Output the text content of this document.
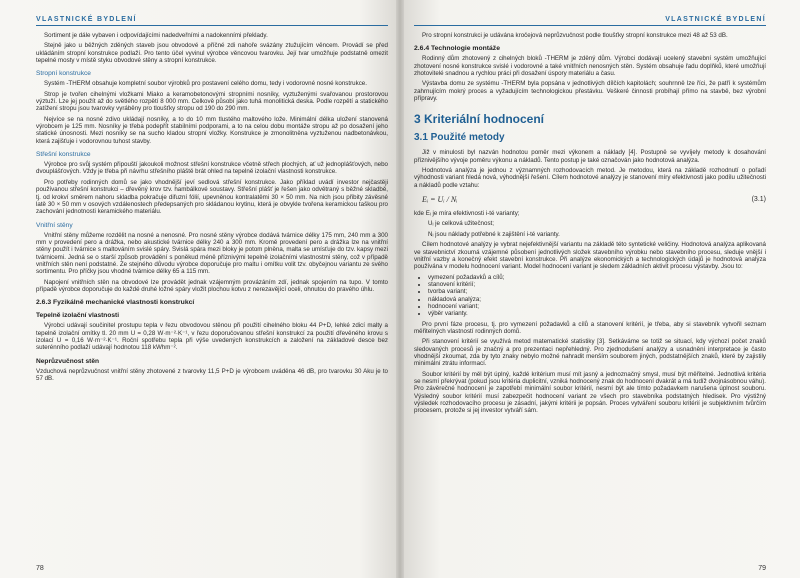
VLASTNICKÉ BYDLENÍ

Sortiment je dále vybaven i odpovídajícími nadedveřními a nadokenními překlady.

Stejně jako u běžných zděných staveb jsou obvodové a příčné zdi nahoře svázány ztužujícím věncem. Provádí se před ukládáním stropní konstrukce podlaží. Pro tento účel vyvinul výrobce věncovou tvarovku. Její tvar umožňuje podstatně omezit tepelné mosty v místě styku obvodové stěny a stropní konstrukce.

Stropní konstrukce

Systém -THERM obsahuje kompletní soubor výrobků pro postavení celého domu, tedy i vodorovné nosné konstrukce.

Strop je tvořen cihelnými vložkami Miako a keramobetonovými stropními nosníky, vyztuženými svařovanou prostorovou výztuží. Lze jej použít až do světlého rozpětí 8 000 mm. Celkově působí jako tuhá monolitická deska. Podle rozpětí a statického zatížení stropu jsou tvarovky vyráběny pro tloušťky stropu od 190 do 290 mm.

Nejvíce se na nosné zdivo ukládají nosníky, a to do 10 mm tlustého maltového lože. Minimální délka uložení stanovená výrobcem je 125 mm. Nosníky je třeba podepřít stabilními podporami, a to na celou dobu montáže stropu až po dosažení jeho statické únosnosti. Mezi nosníky se na sucho kladou stropní vložky. Konstrukce je zmonolitněna vyztuženou nadbetonávkou, která zajišťuje i vodorovnou tuhost stavby.

Střešní konstrukce

Výrobce pro svůj systém připouští jakoukoli možnost střešní konstrukce včetně střech plochých, ať už jednoplášťových, nebo dvouplášťových. Vždy je třeba při návrhu střešního pláště brát ohled na tepelně izolační vlastnosti konstrukce.

Pro potřeby rodinných domů se jako vhodnější jeví sedlová střešní konstrukce. Jako příklad uvádí investor nejčastěji používanou střešní konstrukci – dřevěný krov tzv. hambálkové soustavy. Střešní plášť je řešen jako odvětraný s běžné skladbě, tj. od krokví směrem nahoru skladba pokračuje difuzní fólií, upevněnou kontralatěmi 30 × 50 mm. Na nich jsou přibity závěsné latě 30 × 50 mm v osových vzdálenostech předepsaných pro skládanou krytinu, která je obvykle tvořena keramickou taškou pro zachování jednotnosti keramického materiálu.

Vnitřní stěny

Vnitřní stěny můžeme rozdělit na nosné a nenosné. Pro nosné stěny výrobce dodává tvárnice délky 175 mm, 240 mm a 300 mm v provedení pero a drážka, nebo akustické tvárnice délky 240 a 300 mm. Kromě provedení pero a drážka lze na vnitřní stěny použít i tvárnice s maltováním svislé spáry. Svislá spára mezi bloky je potom plněna, malta se umísťuje do tzv. kapsy mezi tvárnicemi. Jedná se o starší způsob provádění s poněkud méně příznivými tepelně izolačními vlastnostmi stěny, což v případě vnitřních stěn není podstatné. Ze stejného důvodu výrobce doporučuje pro maltu i omítku volit tzv. obyčejnou variantu ze svého sortimentu. Pro příčky jsou vhodné tvárnice délky 65 a 115 mm.

Napojení vnitřních stěn na obvodové lze provádět jednak vzájemným provázáním zdí, jednak spojením na tupo. V tomto případě výrobce doporučuje do každé druhé ložné spáry vložit plochou kotvu z nerezavějící oceli, ohnutou do pravého úhlu.

2.6.3 Fyzikálně mechanické vlastnosti konstrukcí
Tepelně izolační vlastnosti

Výrobci udávají součinitel prostupu tepla v řezu obvodovou stěnou při použití cihelného bloku 44 P+D, lehké zdicí malty a tepelně izolační omítky tl. 20 mm U = 0,28 W·m⁻²·K⁻¹, v řezu doporučovanou střešní konstrukcí za použití dřevěného krovu s izolací U = 0,16 W·m⁻²·K⁻¹. Roční spotřebu tepla při výše uvedených konstrukcích a založení na základové desce bez suterénního podlaží udávají hodnotou 118 kWhm⁻².

Neprůzvučnost stěn

Vzduchová neprůzvučnost vnitřní stěny zhotovené z tvarovky 11,5 P+D je výrobcem uváděna 46 dB, pro tvarovku 30 Aku je to 57 dB.

78
VLASTNICKÉ BYDLENÍ

Pro stropní konstrukci je udávána kročejová neprůzvučnost podle tloušťky stropní konstrukce mezi 48 až 53 dB.

2.6.4 Technologie montáže

Rodinný dům zhotovený z cihelných bloků -THERM je zděný dům. Výrobci dodávají ucelený stavební systém umožňující zhotovení nosné konstrukce svislé i vodorovné a také vnitřních nenosných stěn. Systém obsahuje řadu doplňků, které umožňují zhotovitelé snadnou a rychlou práci při dosažení úspory materiálu a času.

Výstavba domu ze systému -THERM byla popsána v jednotlivých dílčích kapitolách; souhrnně lze říci, že patří k systémům zahrnujícím mokrý proces a vyžadujícím technologickou přestávku. Veškeré činnosti probíhají přímo na stavbě, bez výrobní přípravy.

3 Kriteriální hodnocení
3.1 Použité metody

Již v minulosti byl nazván hodnotou poměr mezi výkonem a náklady [4]. Postupně se vyvíjely metody k dosahování příznivějšího vývoje poměru výkonu a nákladů. Tento postup je také označován jako hodnotová analýza.

Hodnotová analýza je jednou z významných rozhodovacích metod. Je metodou, která na základě rozhodnutí o pořadí výhodnosti variant hledá nová, výhodnější řešení. Cílem hodnotové analýzy je stanovení míry efektivnosti jako podílu užitečnosti a nákladů podle vztahu:

Eᵢ = Uᵢ / Nᵢ	(3.1)
kde Eᵢ je míra efektivnosti i-té varianty;
Uᵢ je celková užitečnost;
Nᵢ jsou náklady potřebné k zajištění i-té varianty.

Cílem hodnotové analýzy je vybrat nejefektivnější variantu na základě této syntetické veličiny. Hodnotová analýza aplikovaná ve stavebnictví zkoumá vzájemné působení jednotlivých složek stavebního výrobku nebo stavebního procesu, sleduje vnější i vnitřní vazby a konečný efekt stavební konstrukce. Při analýze ekonomických a technologických údajů je hodnotová analýza používána v modelu hodnocení variant. Model hodnocení variant je sledem základních aktivit procesu výstavby. Jsou to:

• vymezení požadavků a cílů;
• stanovení kritérií;
• tvorba variant;
• nákladová analýza;
• hodnocení variant;
• výběr varianty.

Pro první fáze procesu, tj. pro vymezení požadavků a cílů a stanovení kritérií, je třeba, aby si stavebník vytvořil seznam měřitelných vlastností rodinných domů.

Při stanovení kritérií se využívá metod matematické statistiky [3]. Setkáváme se totiž se situací, kdy výchozí počet znaků sledovaných procesů je značný a pro prezentaci nepřehledný. Pro zjednodušení analýzy a usnadnění interpretace je často vhodnější zkoumat, zda by tyto znaky nebylo možné nahradit menším souborem jiných, podstatnějších znaků, které by zajistily minimální ztrátu informací.

Soubor kritérií by měl být úplný, každé kritérium musí mít jasný a jednoznačný smysl, musí být měřitelné. Jednotlivá kritéria se nesmí překrývat (pokud jsou kritéria duplicitní, vzniká hodnocený znak do hodnocení dvakrát a má tudíž dvojnásobnou váhu). Pro závěrečné hodnocení je zapotřebí minimální soubor kritérií, nesmí být ale tímto požadavkem narušena úplnost souboru. Výsledný soubor kritérií musí zabezpečit hodnocení variant ze všech pro stavebníka podstatných hledisek. Pro výstižný výsledek rozhodovacího procesu je zásadní, jakými kritérii je popsán. Proces vytváření souboru kritérií je subjektivním tvůrčím procesem, protože si jej investor vytváří sám.

79
